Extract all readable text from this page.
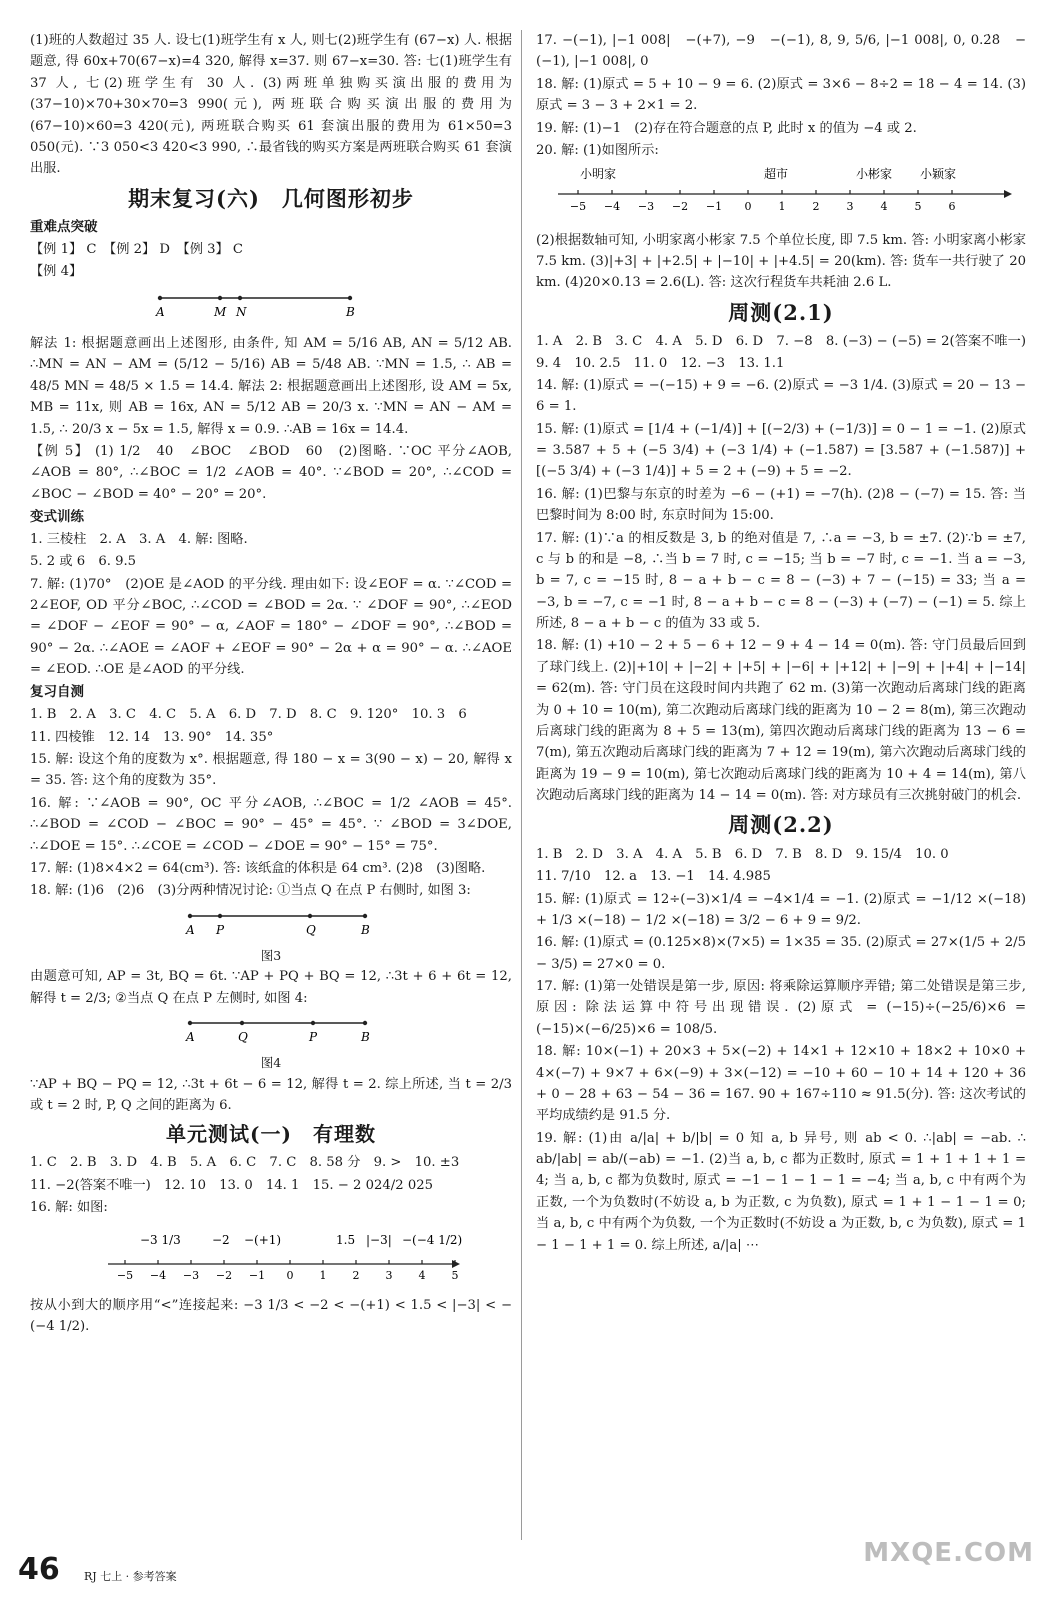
(1)班的人数超过 35 人. 设七(1)班学生有 x 人, 则七(2)班学生有 (67−x) 人. 根据题意, 得 60x+70(67−x)=4 320, 解得 x=37. 则 67−x=30. 答: 七(1)班学生有 37 人, 七(2)班学生有 30 人. (3)两班单独购买演出服的费用为(37−10)×70+30×70=3 990(元), 两班联合购买演出服的费用为(67−10)×60=3 420(元), 两班联合购买 61 套演出服的费用为 61×50=3 050(元). ∵3 050<3 420<3 990, ∴最省钱的购买方案是两班联合购买 61 套演出服.

期末复习(六)　几何图形初步
重难点突破

【例 1】 C　【例 2】 D　【例 3】 C

【例 4】

A	M N	B

解法 1: 根据题意画出上述图形, 由条件, 知 AM = 5/16 AB, AN = 5/12 AB. ∴MN = AN − AM = (5/12 − 5/16) AB = 5/48 AB. ∵MN = 1.5, ∴ AB = 48/5 MN = 48/5 × 1.5 = 14.4. 解法 2: 根据题意画出上述图形, 设 AM = 5x, MB = 11x, 则 AB = 16x, AN = 5/12 AB = 20/3 x. ∵MN = AN − AM = 1.5, ∴ 20/3 x − 5x = 1.5, 解得 x = 0.9. ∴AB = 16x = 14.4.

【例 5】 (1) 1/2　40　∠BOC　∠BOD　60　(2)图略. ∵OC 平分∠AOB, ∠AOB = 80°, ∴∠BOC = 1/2 ∠AOB = 40°. ∵∠BOD = 20°, ∴∠COD = ∠BOC − ∠BOD = 40° − 20° = 20°.

变式训练

1. 三棱柱　2. A　3. A　4. 解: 图略.

5. 2 或 6　6. 9.5

7. 解: (1)70°　(2)OE 是∠AOD 的平分线. 理由如下: 设∠EOF = α. ∵∠COD = 2∠EOF, OD 平分∠BOC, ∴∠COD = ∠BOD = 2α. ∵ ∠DOF = 90°, ∴∠EOD = ∠DOF − ∠EOF = 90° − α, ∠AOF = 180° − ∠DOF = 90°, ∴∠BOD = 90° − 2α. ∴∠AOE = ∠AOF + ∠EOF = 90° − 2α + α = 90° − α. ∴∠AOE = ∠EOD. ∴OE 是∠AOD 的平分线.

复习自测

1. B　2. A　3. C　4. C　5. A　6. D　7. D　8. C　9. 120°　10. 3　6

11. 四棱锥　12. 14　13. 90°　14. 35°

15. 解: 设这个角的度数为 x°. 根据题意, 得 180 − x = 3(90 − x) − 20, 解得 x = 35. 答: 这个角的度数为 35°.

16. 解: ∵∠AOB = 90°, OC 平分∠AOB, ∴∠BOC = 1/2 ∠AOB = 45°. ∴∠BOD = ∠COD − ∠BOC = 90° − 45° = 45°. ∵ ∠BOD = 3∠DOE, ∴∠DOE = 15°. ∴∠COE = ∠COD − ∠DOE = 90° − 15° = 75°.

17. 解: (1)8×4×2 = 64(cm³). 答: 该纸盒的体积是 64 cm³. (2)8　(3)图略.

18. 解: (1)6　(2)6　(3)分两种情况讨论: ①当点 Q 在点 P 右侧时, 如图 3:

A P	Q	B
图3

由题意可知, AP = 3t, BQ = 6t. ∵AP + PQ + BQ = 12, ∴3t + 6 + 6t = 12, 解得 t = 2/3; ②当点 Q 在点 P 左侧时, 如图 4:

A	Q	P	B
图4

∵AP + BQ − PQ = 12, ∴3t + 6t − 6 = 12, 解得 t = 2. 综上所述, 当 t = 2/3 或 t = 2 时, P, Q 之间的距离为 6.

单元测试(一)　有理数

1. C　2. B　3. D　4. B　5. A　6. C　7. C　8. 58 分　9. >　10. ±3

11. −2(答案不唯一)　12. 10　13. 0　14. 1　15. − 2 024/2 025

16. 解: 如图:

−5 −4 −3 −2 −1 0 1 2 3 4 5
−3 1/3	−2 −(+1)	1.5 |−3| −(−4 1/2)

按从小到大的顺序用“<”连接起来: −3 1/3 < −2 < −(+1) < 1.5 < |−3| < −(−4 1/2).

17. −(−1), |−1 008|　−(+7), −9　−(−1), 8, 9, 5/6, |−1 008|, 0, 0.2̇8̇　−(−1), |−1 008|, 0

18. 解: (1)原式 = 5 + 10 − 9 = 6. (2)原式 = 3×6 − 8÷2 = 18 − 4 = 14. (3)原式 = 3 − 3 + 2×1 = 2.

19. 解: (1)−1　(2)存在符合题意的点 P, 此时 x 的值为 −4 或 2.

20. 解: (1)如图所示:

−5 −4 −3 −2 −1 0 1 2 3 4 5 6
小明家	超市	小彬家 小颖家

(2)根据数轴可知, 小明家离小彬家 7.5 个单位长度, 即 7.5 km. 答: 小明家离小彬家 7.5 km. (3)|+3| + |+2.5| + |−10| + |+4.5| = 20(km). 答: 货车一共行驶了 20 km. (4)20×0.13 = 2.6(L). 答: 这次行程货车共耗油 2.6 L.

周测(2.1)

1. A　2. B　3. C　4. A　5. D　6. D　7. −8　8. (−3) − (−5) = 2(答案不唯一)　9. 4　10. 2.5　11. 0　12. −3　13. 1.1

14. 解: (1)原式 = −(−15) + 9 = −6. (2)原式 = −3 1/4. (3)原式 = 20 − 13 − 6 = 1.

15. 解: (1)原式 = [1/4 + (−1/4)] + [(−2/3) + (−1/3)] = 0 − 1 = −1. (2)原式 = 3.587 + 5 + (−5 3/4) + (−3 1/4) + (−1.587) = [3.587 + (−1.587)] + [(−5 3/4) + (−3 1/4)] + 5 = 2 + (−9) + 5 = −2.

16. 解: (1)巴黎与东京的时差为 −6 − (+1) = −7(h). (2)8 − (−7) = 15. 答: 当巴黎时间为 8:00 时, 东京时间为 15:00.

17. 解: (1)∵a 的相反数是 3, b 的绝对值是 7, ∴a = −3, b = ±7. (2)∵b = ±7, c 与 b 的和是 −8, ∴当 b = 7 时, c = −15; 当 b = −7 时, c = −1. 当 a = −3, b = 7, c = −15 时, 8 − a + b − c = 8 − (−3) + 7 − (−15) = 33; 当 a = −3, b = −7, c = −1 时, 8 − a + b − c = 8 − (−3) + (−7) − (−1) = 5. 综上所述, 8 − a + b − c 的值为 33 或 5.

18. 解: (1) +10 − 2 + 5 − 6 + 12 − 9 + 4 − 14 = 0(m). 答: 守门员最后回到了球门线上. (2)|+10| + |−2| + |+5| + |−6| + |+12| + |−9| + |+4| + |−14| = 62(m). 答: 守门员在这段时间内共跑了 62 m. (3)第一次跑动后离球门线的距离为 0 + 10 = 10(m), 第二次跑动后离球门线的距离为 10 − 2 = 8(m), 第三次跑动后离球门线的距离为 8 + 5 = 13(m), 第四次跑动后离球门线的距离为 13 − 6 = 7(m), 第五次跑动后离球门线的距离为 7 + 12 = 19(m), 第六次跑动后离球门线的距离为 19 − 9 = 10(m), 第七次跑动后离球门线的距离为 10 + 4 = 14(m), 第八次跑动后离球门线的距离为 14 − 14 = 0(m). 答: 对方球员有三次挑射破门的机会.

周测(2.2)

1. B　2. D　3. A　4. A　5. B　6. D　7. B　8. D　9. 15/4　10. 0

11. 7/10　12. a　13. −1　14. 4.985

15. 解: (1)原式 = 12÷(−3)×1/4 = −4×1/4 = −1. (2)原式 = −1/12 ×(−18) + 1/3 ×(−18) − 1/2 ×(−18) = 3/2 − 6 + 9 = 9/2.

16. 解: (1)原式 = (0.125×8)×(7×5) = 1×35 = 35. (2)原式 = 27×(1/5 + 2/5 − 3/5) = 27×0 = 0.

17. 解: (1)第一处错误是第一步, 原因: 将乘除运算顺序弄错; 第二处错误是第三步, 原因: 除法运算中符号出现错误. (2)原式 = (−15)÷(−25/6)×6 = (−15)×(−6/25)×6 = 108/5.

18. 解: 10×(−1) + 20×3 + 5×(−2) + 14×1 + 12×10 + 18×2 + 10×0 + 4×(−7) + 9×7 + 6×(−9) + 3×(−12) = −10 + 60 − 10 + 14 + 120 + 36 + 0 − 28 + 63 − 54 − 36 = 167. 90 + 167÷110 ≈ 91.5(分). 答: 这次考试的平均成绩约是 91.5 分.

19. 解: (1)由 a/|a| + b/|b| = 0 知 a, b 异号, 则 ab < 0. ∴|ab| = −ab. ∴ ab/|ab| = ab/(−ab) = −1. (2)当 a, b, c 都为正数时, 原式 = 1 + 1 + 1 + 1 = 4; 当 a, b, c 都为负数时, 原式 = −1 − 1 − 1 − 1 = −4; 当 a, b, c 中有两个为正数, 一个为负数时(不妨设 a, b 为正数, c 为负数), 原式 = 1 + 1 − 1 − 1 = 0; 当 a, b, c 中有两个为负数, 一个为正数时(不妨设 a 为正数, b, c 为负数), 原式 = 1 − 1 − 1 + 1 = 0. 综上所述, a/|a| ⋯

46 RJ 七上 · 参考答案
MXQE.COM
